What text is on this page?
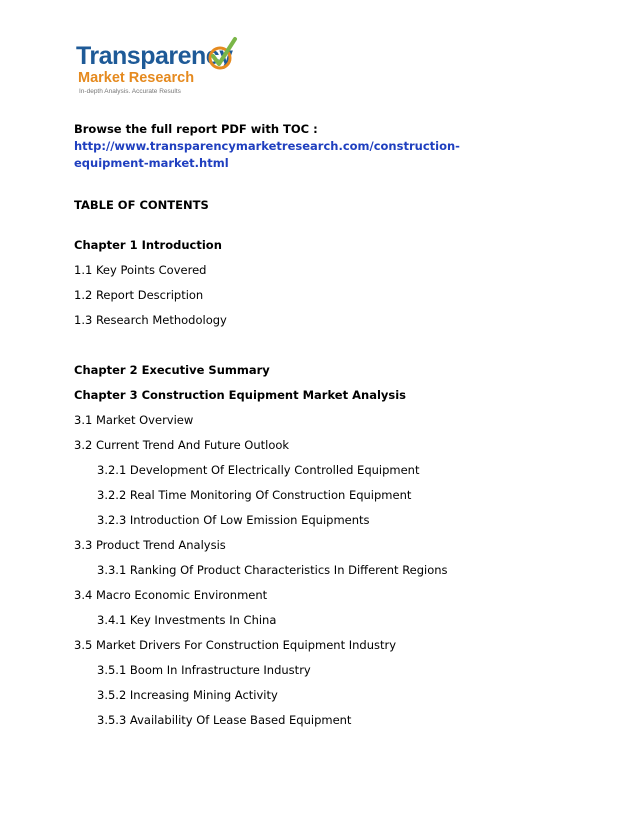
Transparency
Market Research
In-depth Analysis. Accurate Results
Browse the full report PDF with TOC :
http://www.transparencymarketresearch.com/construction-equipment-market.html
TABLE OF CONTENTS
Chapter 1 Introduction
1.1 Key Points Covered
1.2 Report Description
1.3 Research Methodology
Chapter 2 Executive Summary
Chapter 3 Construction Equipment Market Analysis
3.1 Market Overview
3.2 Current Trend And Future Outlook
3.2.1 Development Of Electrically Controlled Equipment
3.2.2 Real Time Monitoring Of Construction Equipment
3.2.3 Introduction Of Low Emission Equipments
3.3 Product Trend Analysis
3.3.1 Ranking Of Product Characteristics In Different Regions
3.4 Macro Economic Environment
3.4.1 Key Investments In China
3.5 Market Drivers For Construction Equipment Industry
3.5.1 Boom In Infrastructure Industry
3.5.2 Increasing Mining Activity
3.5.3 Availability Of Lease Based Equipment
